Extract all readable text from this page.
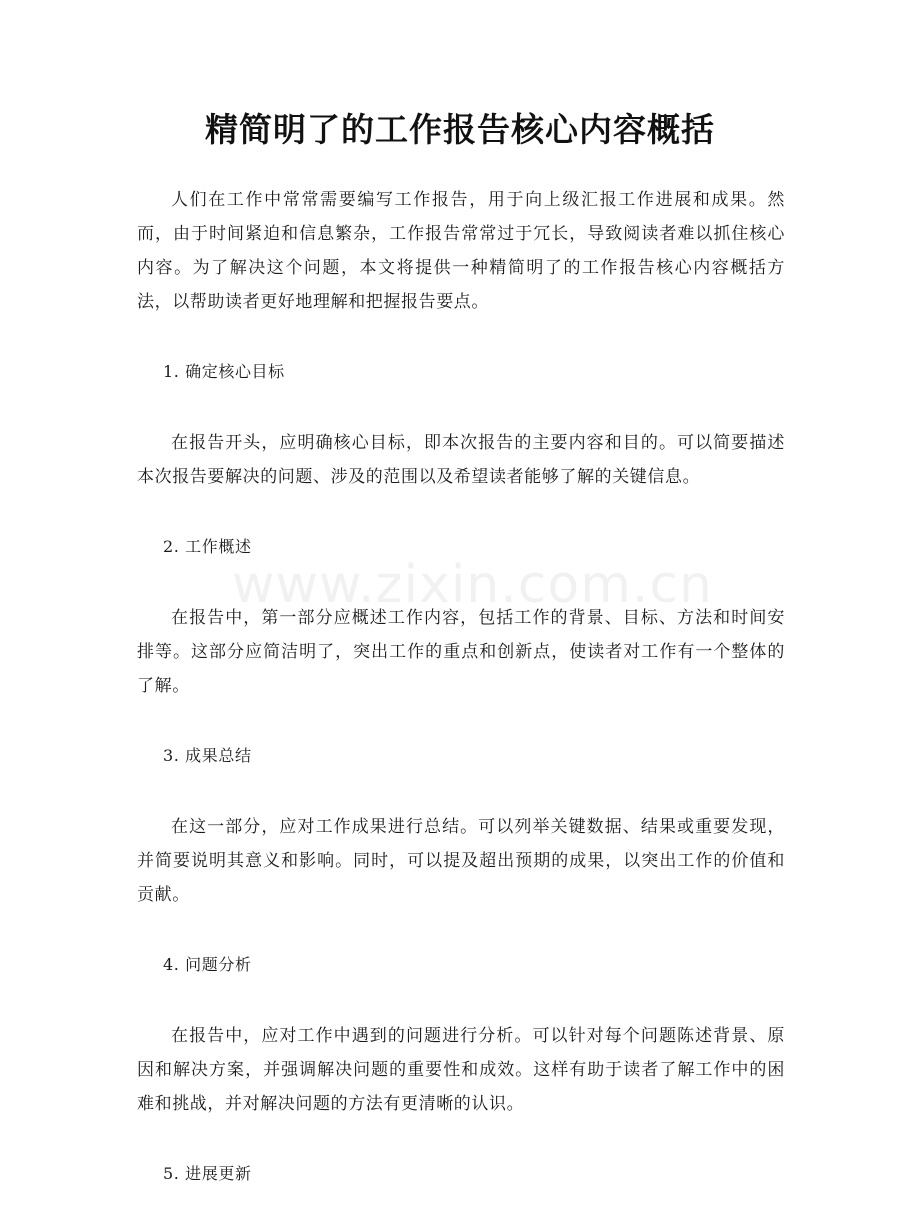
精简明了的工作报告核心内容概括

人们在工作中常常需要编写工作报告，用于向上级汇报工作进展和成果。然而，由于时间紧迫和信息繁杂，工作报告常常过于冗长，导致阅读者难以抓住核心内容。为了解决这个问题，本文将提供一种精简明了的工作报告核心内容概括方法，以帮助读者更好地理解和把握报告要点。

1. 确定核心目标

在报告开头，应明确核心目标，即本次报告的主要内容和目的。可以简要描述本次报告要解决的问题、涉及的范围以及希望读者能够了解的关键信息。

2. 工作概述

在报告中，第一部分应概述工作内容，包括工作的背景、目标、方法和时间安排等。这部分应简洁明了，突出工作的重点和创新点，使读者对工作有一个整体的了解。

3. 成果总结

在这一部分，应对工作成果进行总结。可以列举关键数据、结果或重要发现，并简要说明其意义和影响。同时，可以提及超出预期的成果，以突出工作的价值和贡献。

4. 问题分析

在报告中，应对工作中遇到的问题进行分析。可以针对每个问题陈述背景、原因和解决方案，并强调解决问题的重要性和成效。这样有助于读者了解工作中的困难和挑战，并对解决问题的方法有更清晰的认识。

5. 进展更新

www.zixin.com.cn
